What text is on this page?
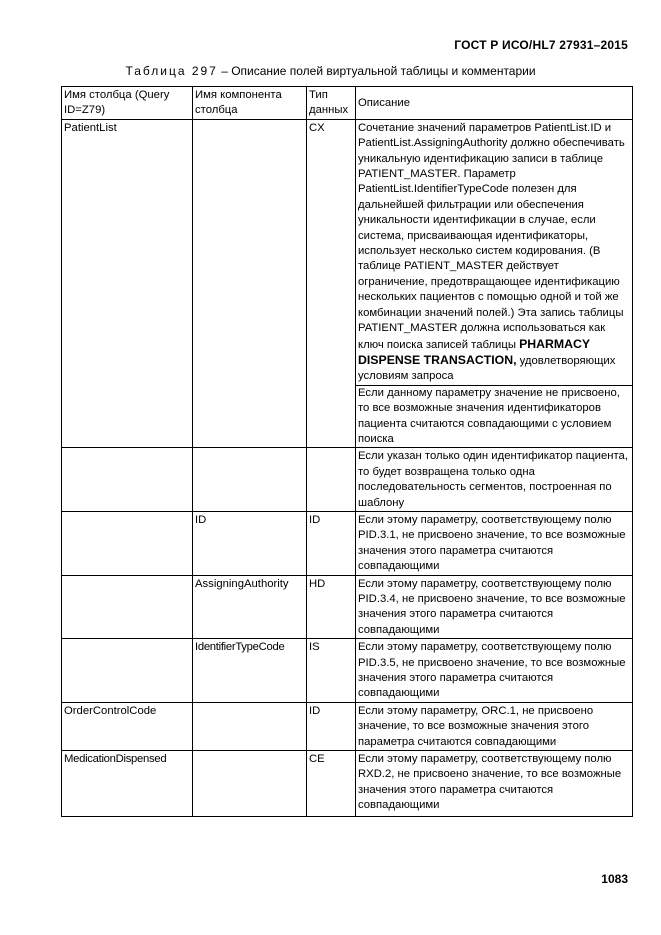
ГОСТ Р ИСО/HL7 27931–2015
Таблица 297 – Описание полей виртуальной таблицы и комментарии
Имя столбца (Query ID=Z79)	Имя компонента столбца	Тип данных	Описание
PatientList		CX	Сочетание значений параметров PatientList.ID и PatientList.AssigningAuthority должно обеспечивать уникальную идентификацию записи в таблице PATIENT_MASTER. Параметр PatientList.IdentifierTypeCode полезен для дальнейшей фильтрации или обеспечения уникальности идентификации в случае, если система, присваивающая идентификаторы, использует несколько систем кодирования. (В таблице PATIENT_MASTER действует ограничение, предотвращающее идентификацию нескольких пациентов с помощью одной и той же комбинации значений полей.) Эта запись таблицы PATIENT_MASTER должна использоваться как ключ поиска записей таблицы PHARMACY DISPENSE TRANSACTION, удовлетворяющих условиям запроса
Если данному параметру значение не присвоено, то все возможные значения идентификаторов пациента считаются совпадающими с условием поиска

			Если указан только один идентификатор пациента, то будет возвращена только одна последовательность сегментов, построенная по шаблону
	ID	ID	Если этому параметру, соответствующему полю PID.3.1, не присвоено значение, то все возможные значения этого параметра считаются совпадающими
	AssigningAuthority	HD	Если этому параметру, соответствующему полю PID.3.4, не присвоено значение, то все возможные значения этого параметра считаются совпадающими
	IdentifierTypeCode	IS	Если этому параметру, соответствующему полю PID.3.5, не присвоено значение, то все возможные значения этого параметра считаются совпадающими
OrderControlCode		ID	Если этому параметру, ORC.1, не присвоено значение, то все возможные значения этого параметра считаются совпадающими
MedicationDispensed		CE	Если этому параметру, соответствующему полю RXD.2, не присвоено значение, то все возможные значения этого параметра считаются совпадающими
1083
